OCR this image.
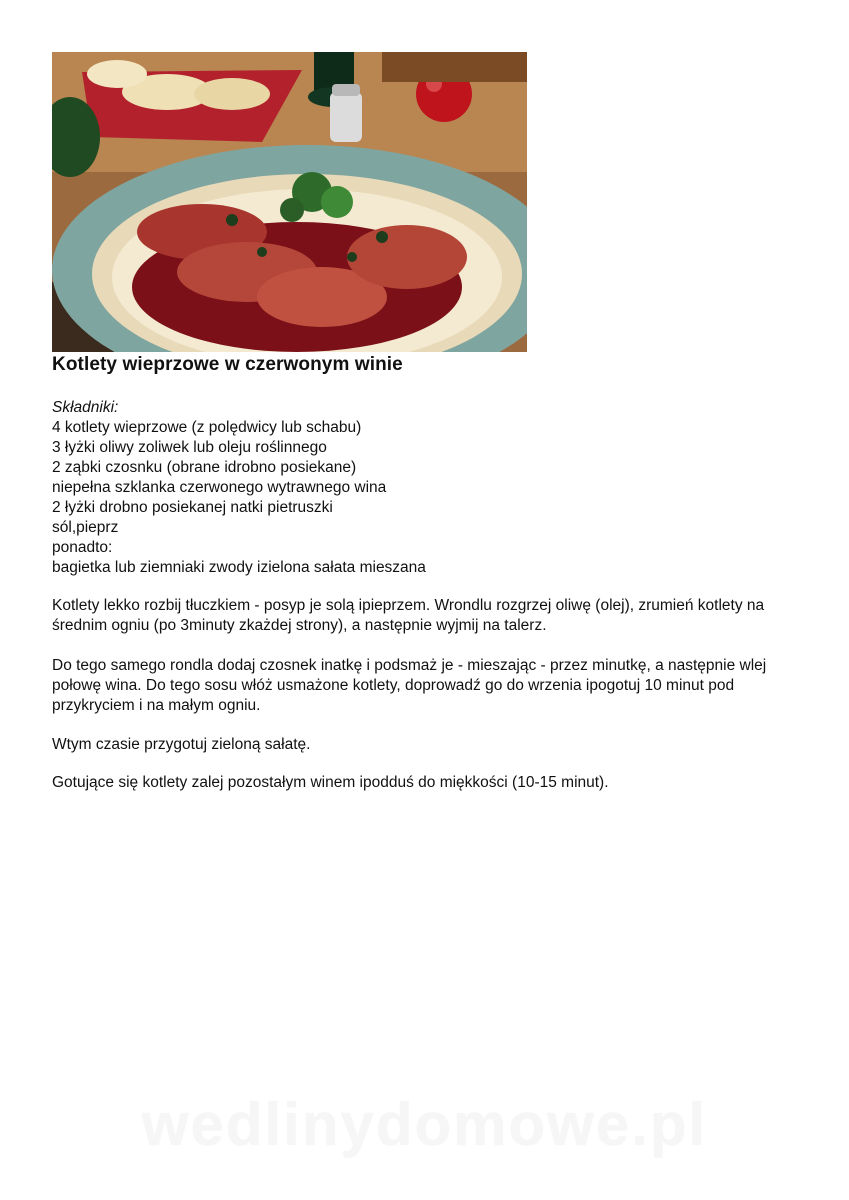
Kotlety wieprzowe w czerwonym winie
Składniki:
4 kotlety wieprzowe (z polędwicy lub schabu)
3 łyżki oliwy zoliwek lub oleju roślinnego
2 ząbki czosnku (obrane idrobno posiekane)
niepełna szklanka czerwonego wytrawnego wina
2 łyżki drobno posiekanej natki pietruszki
sól,pieprz
ponadto:
bagietka lub ziemniaki zwody izielona sałata mieszana

Kotlety lekko rozbij tłuczkiem - posyp je solą ipieprzem. Wrondlu rozgrzej oliwę (olej), zrumień kotlety na średnim ogniu (po 3minuty zkażdej strony), a następnie wyjmij na talerz.

Do tego samego rondla dodaj czosnek inatkę i podsmaż je - mieszając - przez minutkę, a następnie wlej połowę wina. Do tego sosu włóż usmażone kotlety, doprowadź go do wrzenia ipogotuj 10 minut pod przykryciem i na małym ogniu.

Wtym czasie przygotuj zieloną sałatę.

Gotujące się kotlety zalej pozostałym winem ipodduś do miękkości (10-15 minut).

wedlinydomowe.pl
